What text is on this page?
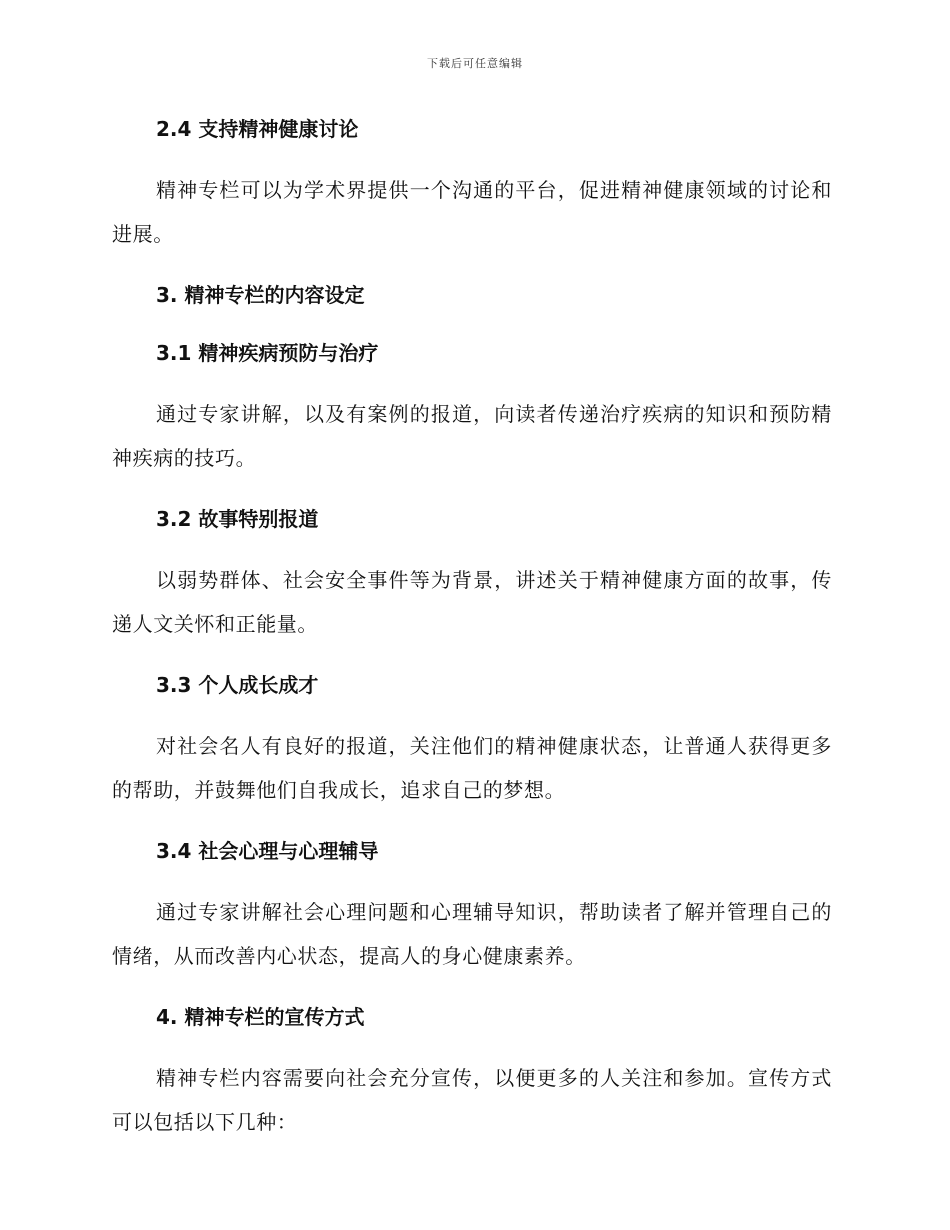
下载后可任意编辑
2.4 支持精神健康讨论
精神专栏可以为学术界提供一个沟通的平台，促进精神健康领域的讨论和进展。
3. 精神专栏的内容设定
3.1 精神疾病预防与治疗
通过专家讲解，以及有案例的报道，向读者传递治疗疾病的知识和预防精神疾病的技巧。
3.2 故事特别报道
以弱势群体、社会安全事件等为背景，讲述关于精神健康方面的故事，传递人文关怀和正能量。
3.3 个人成长成才
对社会名人有良好的报道，关注他们的精神健康状态，让普通人获得更多的帮助，并鼓舞他们自我成长，追求自己的梦想。
3.4 社会心理与心理辅导
通过专家讲解社会心理问题和心理辅导知识，帮助读者了解并管理自己的情绪，从而改善内心状态，提高人的身心健康素养。
4. 精神专栏的宣传方式
精神专栏内容需要向社会充分宣传，以便更多的人关注和参加。宣传方式可以包括以下几种：
